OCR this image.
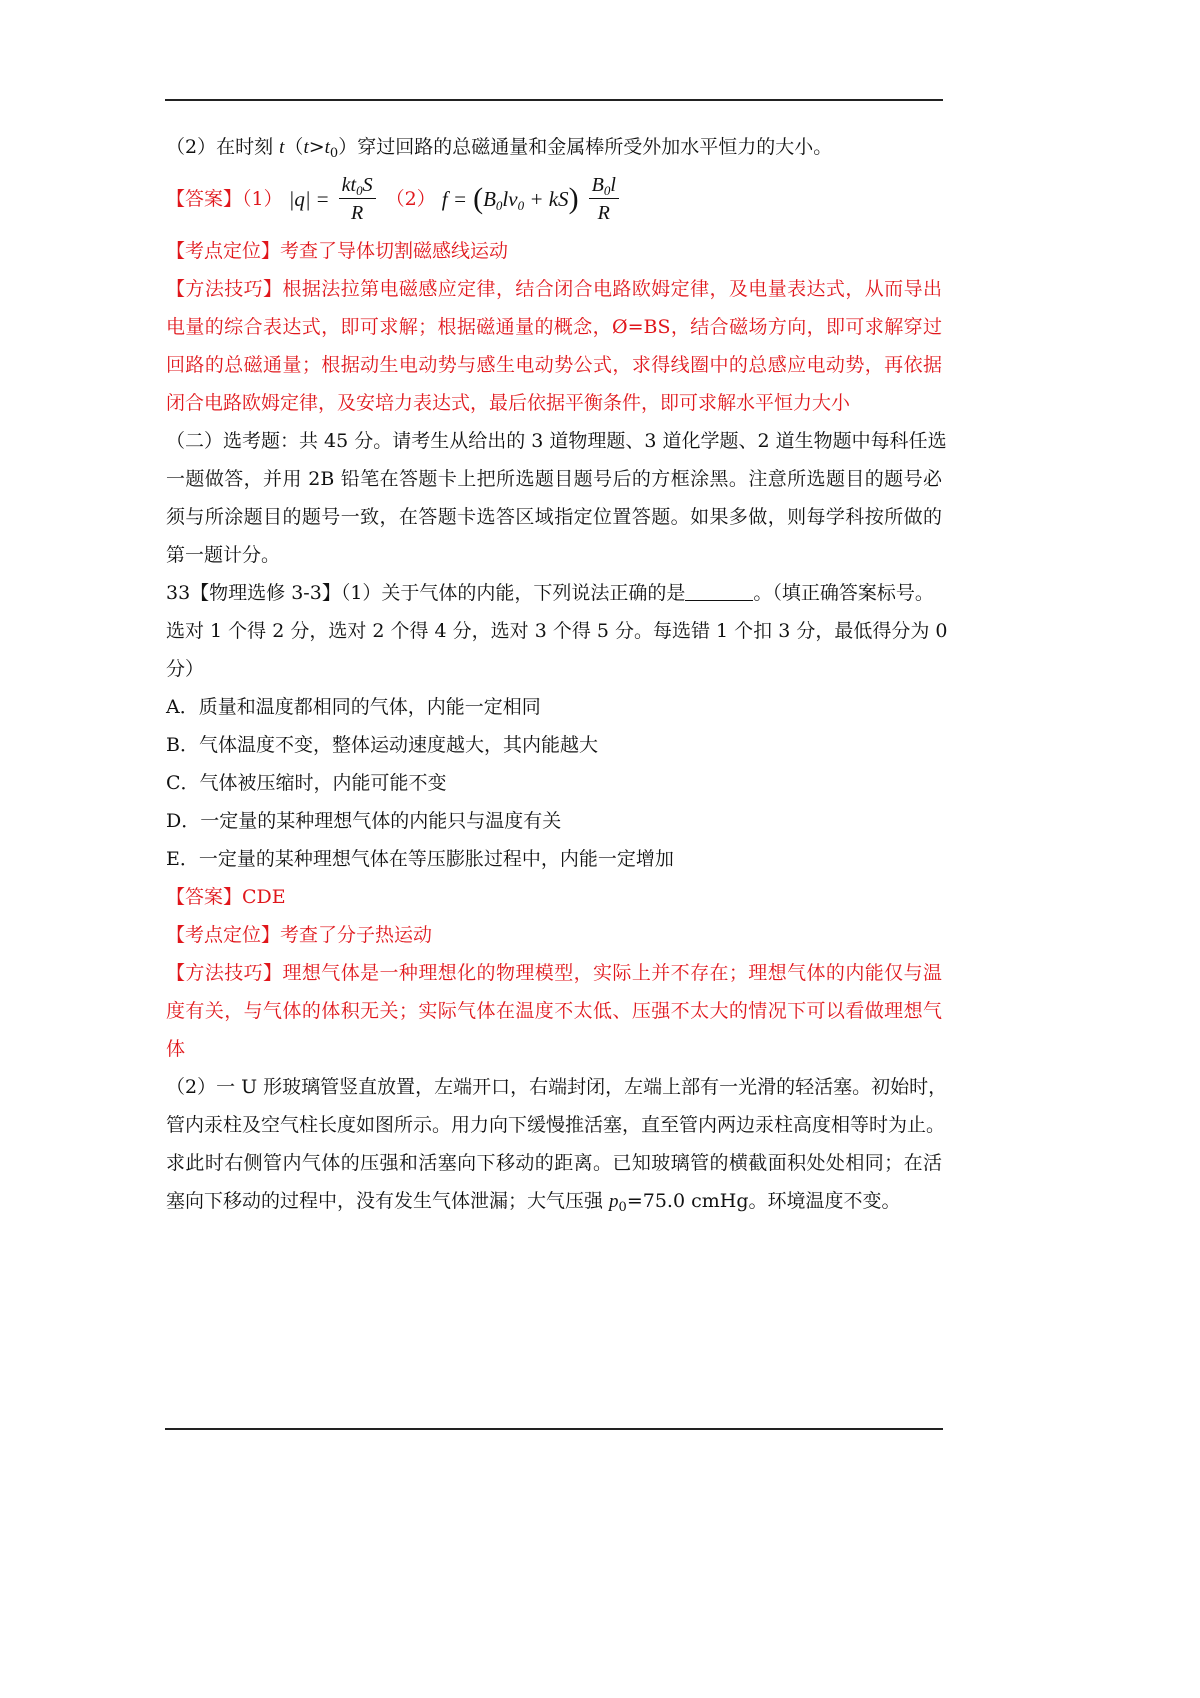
（2）在时刻 $t(t>t_0)$穿过回路的总磁通量和金属棒所受外加水平恒力的大小。
【答案】（1） $|q| = \frac{kt_0S}{R} (2) f = (B_0lv_0 + kS) \frac{B_0l}{R}$
【考点定位】考查了导体切割磁感线运动
【方法技巧】根据法拉第电磁感应定律，结合闭合电路欧姆定律，及电量表达式，从而导出
电量的综合表达式，即可求解；根据磁通量的概念，Ø=BS，结合磁场方向，即可求解穿过
回路的总磁通量；根据动生电动势与感生电动势公式，求得线圈中的总感应电动势，再依据
闭合电路欧姆定律，及安培力表达式，最后依据平衡条件，即可求解水平恒力大小
（二）选考题：共 45 分。请考生从给出的 3 道物理题、3 道化学题、2 道生物题中每科任选
一题做答，并用 2B 铅笔在答题卡上把所选题目题号后的方框涂黑。注意所选题目的题号必
须与所涂题目的题号一致，在答题卡选答区域指定位置答题。如果多做，则每学科按所做的
第一题计分。
33【物理选修 3-3】（1）关于气体的内能，下列说法正确的是	。（填正确答案标号。
选对 1 个得 2 分，选对 2 个得 4 分，选对 3 个得 5 分。每选错 1 个扣 3 分，最低得分为 0
分）
A．质量和温度都相同的气体，内能一定相同
B．气体温度不变，整体运动速度越大，其内能越大
C．气体被压缩时，内能可能不变
D．一定量的某种理想气体的内能只与温度有关
E．一定量的某种理想气体在等压膨胀过程中，内能一定增加
【答案】CDE
【考点定位】考查了分子热运动
【方法技巧】理想气体是一种理想化的物理模型，实际上并不存在；理想气体的内能仅与温
度有关，与气体的体积无关；实际气体在温度不太低、压强不太大的情况下可以看做理想气
体
（2）一 U 形玻璃管竖直放置，左端开口，右端封闭，左端上部有一光滑的轻活塞。初始时，
管内汞柱及空气柱长度如图所示。用力向下缓慢推活塞，直至管内两边汞柱高度相等时为止。
求此时右侧管内气体的压强和活塞向下移动的距离。已知玻璃管的横截面积处处相同；在活
塞向下移动的过程中，没有发生气体泄漏；大气压强 $p_0=75.0$ cmHg。环境温度不变。
